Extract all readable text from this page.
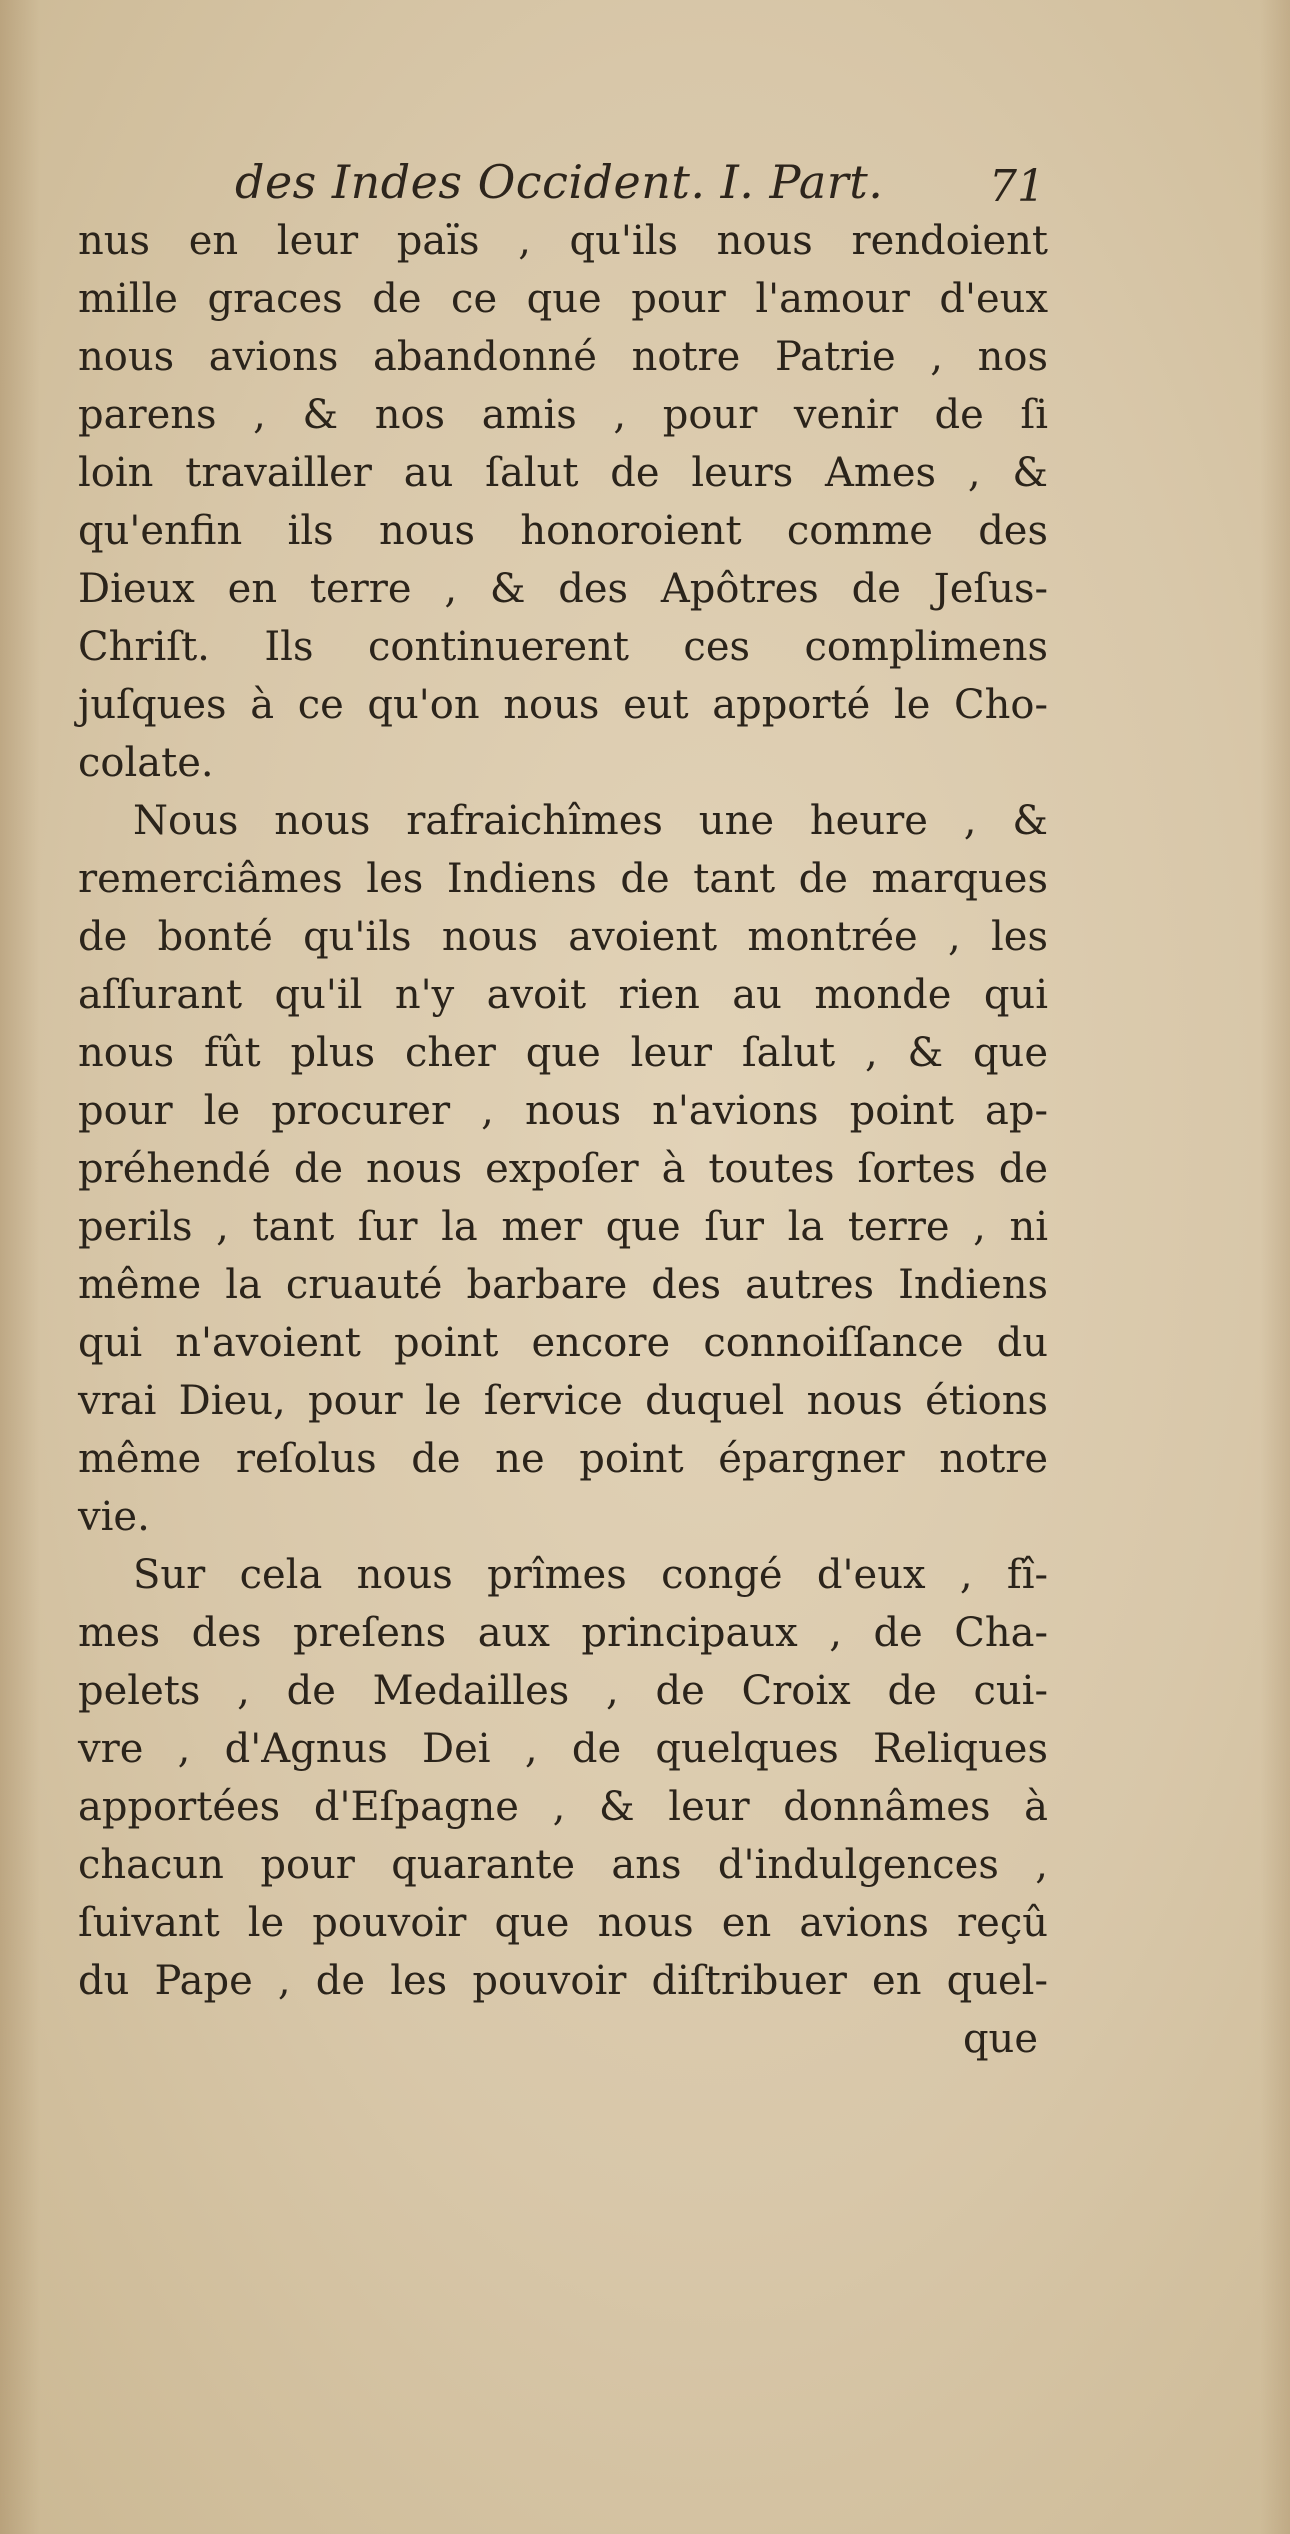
des Indes Occident. I. Part. 71
nus en leur païs , qu'ils nous rendoient
mille graces de ce que pour l'amour d'eux
nous avions abandonné notre Patrie , nos
parens , & nos amis , pour venir de ſi
loin travailler au ſalut de leurs Ames , &
qu'enfin ils nous honoroient comme des
Dieux en terre , & des Apôtres de Jeſus-
Chriſt. Ils continuerent ces complimens
juſques à ce qu'on nous eut apporté le Cho-
colate.
Nous nous rafraichîmes une heure , &
remerciâmes les Indiens de tant de marques
de bonté qu'ils nous avoient montrée , les
aſſurant qu'il n'y avoit rien au monde qui
nous fût plus cher que leur ſalut , & que
pour le procurer , nous n'avions point ap-
préhendé de nous expoſer à toutes ſortes de
perils , tant ſur la mer que ſur la terre , ni
même la cruauté barbare des autres Indiens
qui n'avoient point encore connoiſſance du
vrai Dieu, pour le ſervice duquel nous étions
même reſolus de ne point épargner notre
vie.
Sur cela nous prîmes congé d'eux , fî-
mes des preſens aux principaux , de Cha-
pelets , de Medailles , de Croix de cui-
vre , d'Agnus Dei , de quelques Reliques
apportées d'Eſpagne , & leur donnâmes à
chacun pour quarante ans d'indulgences ,
ſuivant le pouvoir que nous en avions reçû
du Pape , de les pouvoir diſtribuer en quel-
que
